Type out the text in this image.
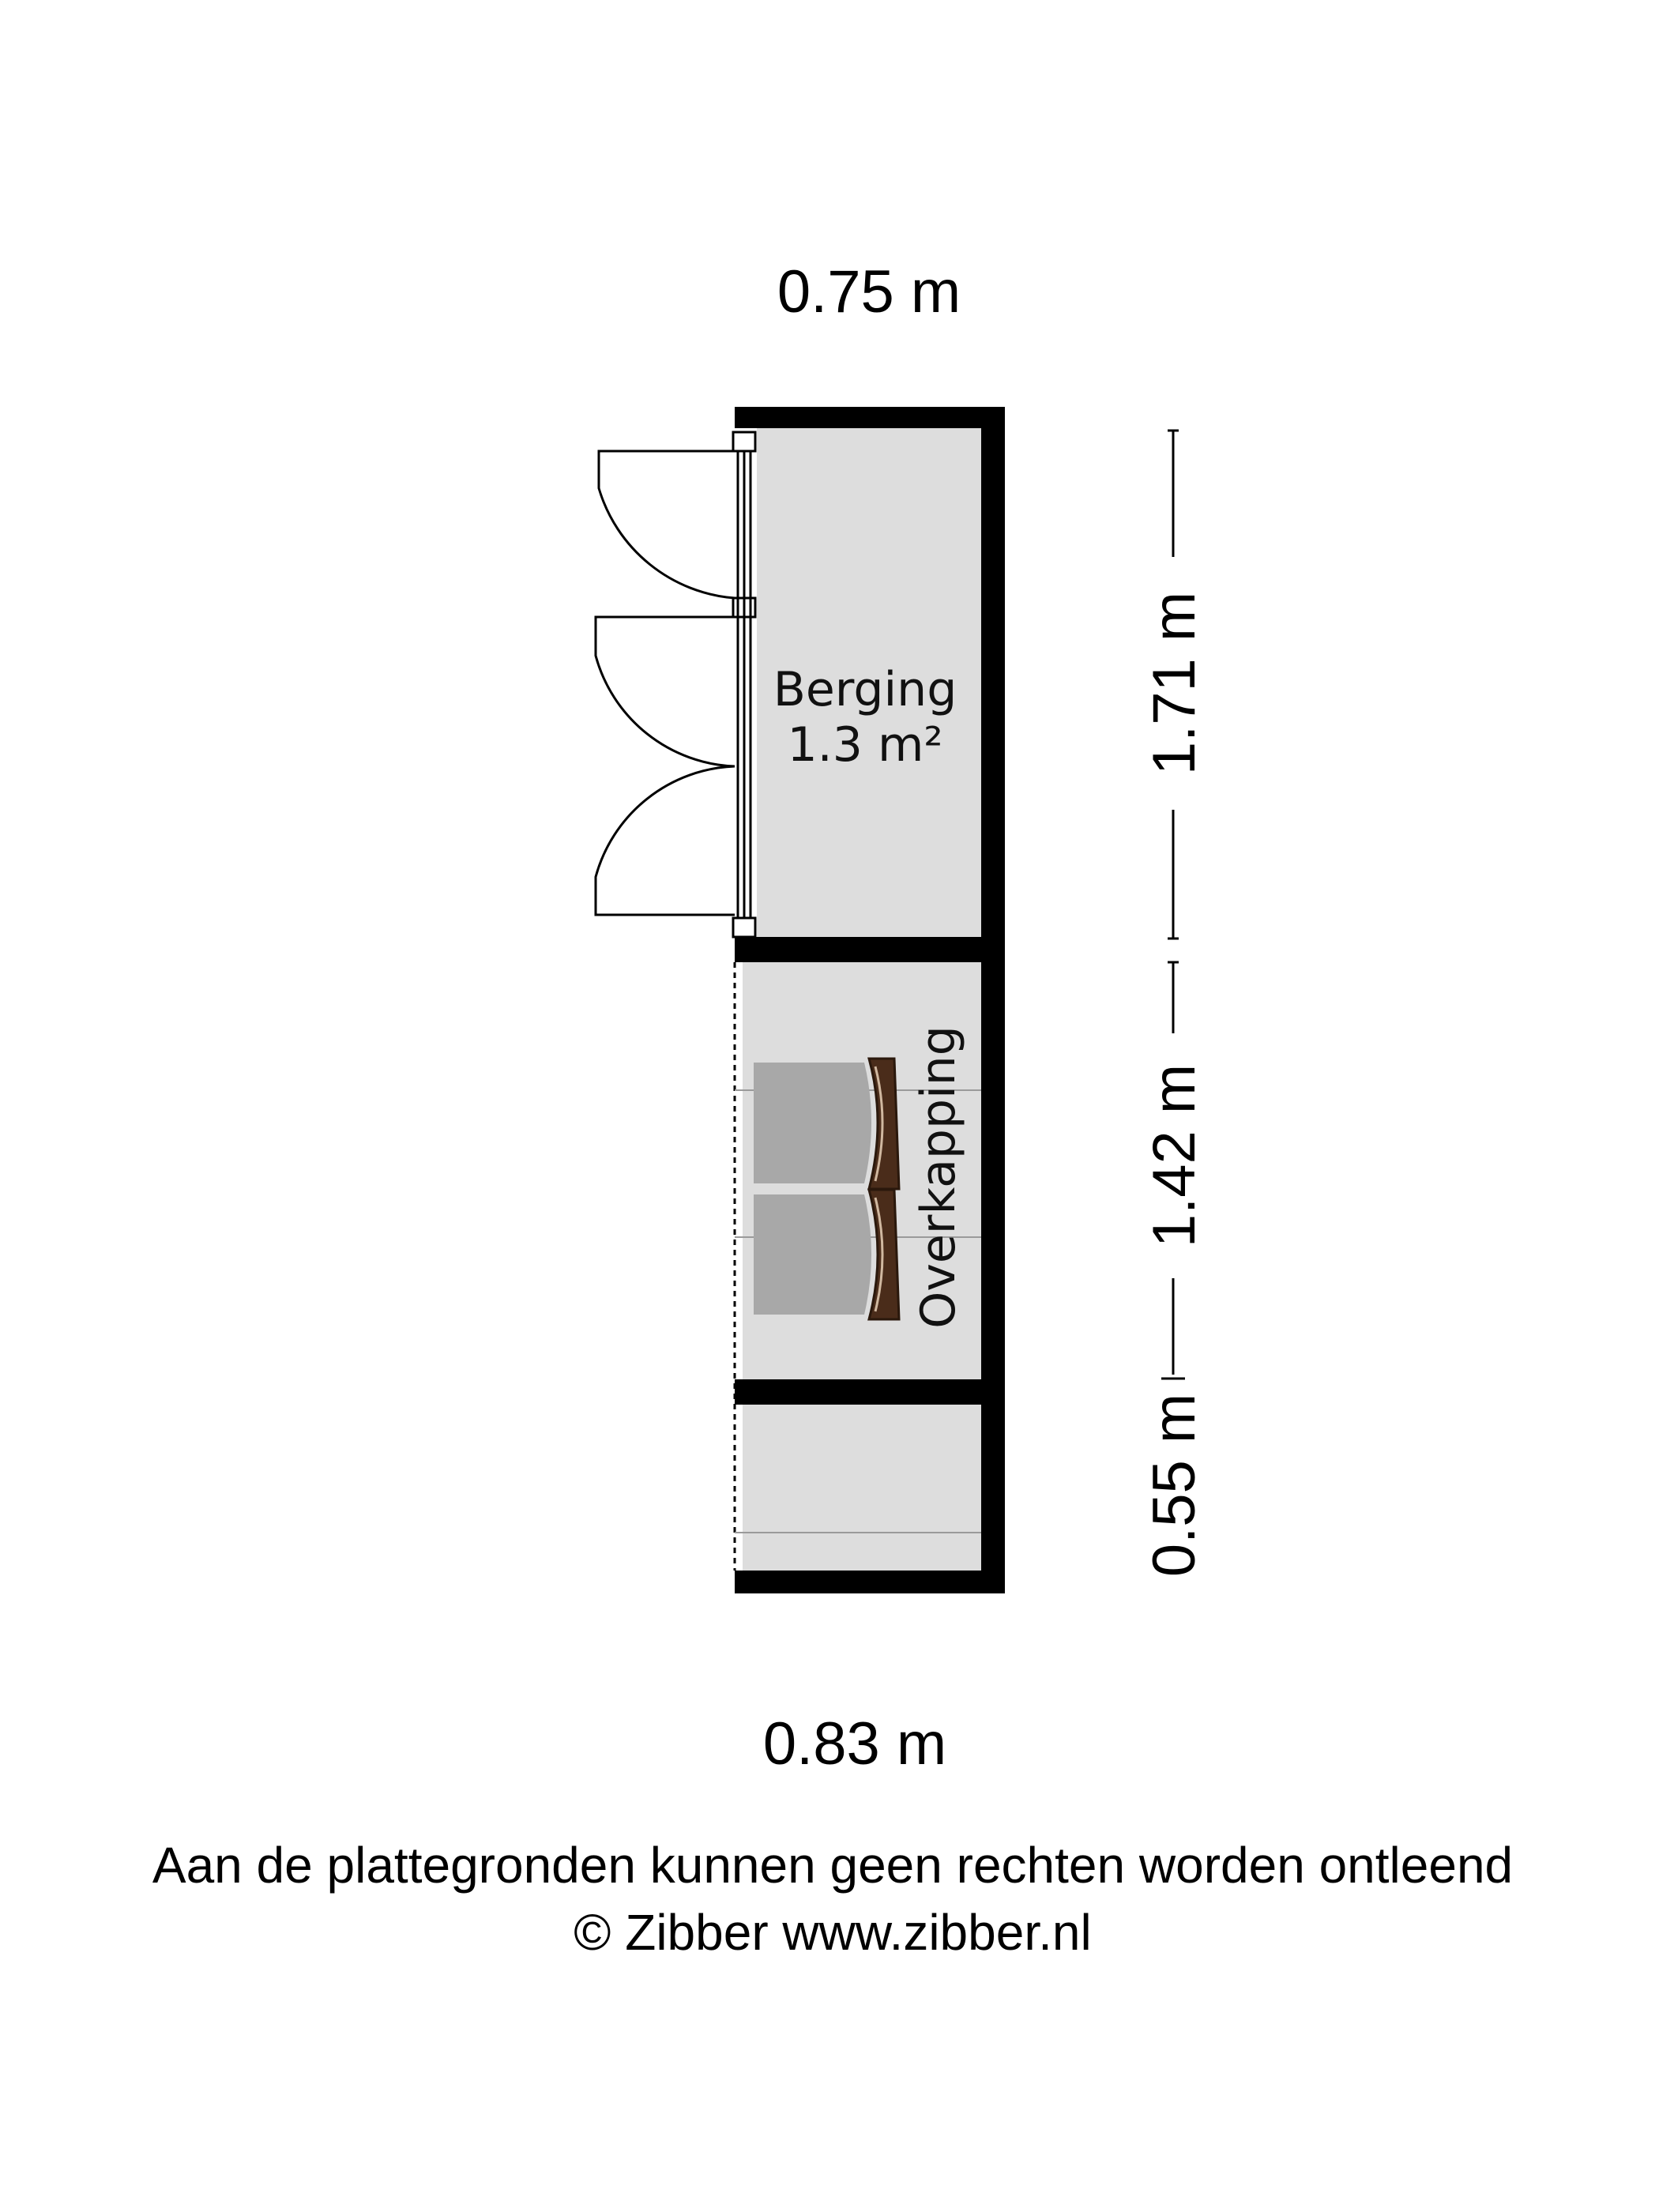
0.75 m
Berging
1.3 m²
Overkapping
1.71 m
1.42 m
0.55 m
0.83 m
Aan de plattegronden kunnen geen rechten worden ontleend
© Zibber www.zibber.nl
